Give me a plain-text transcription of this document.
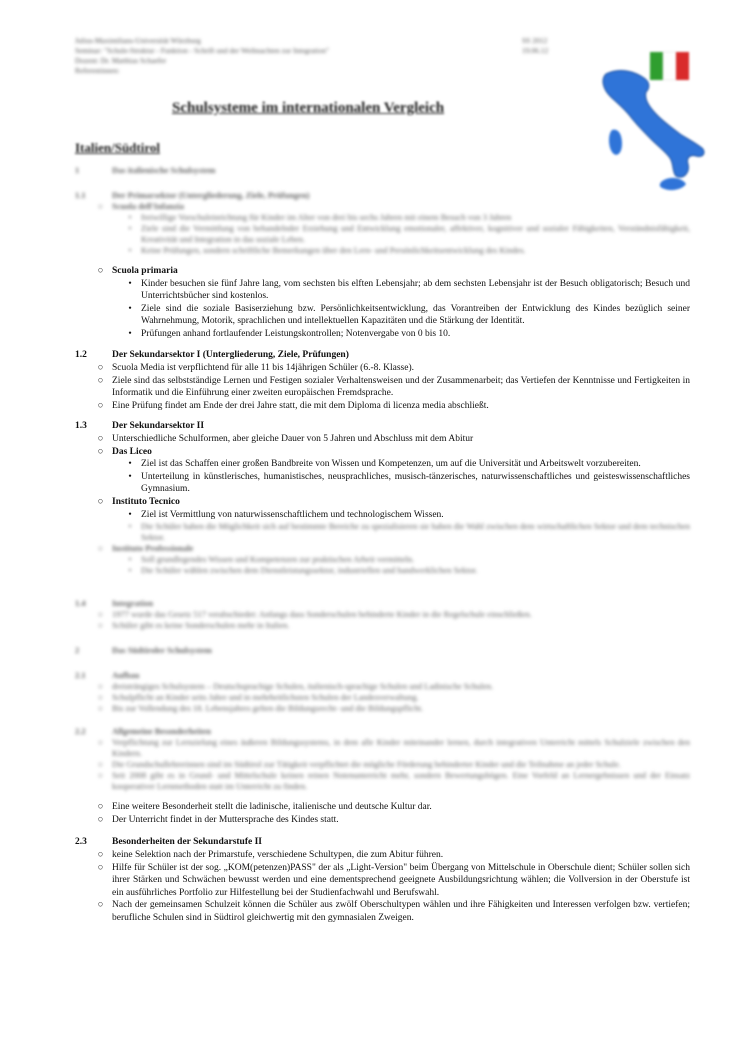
Julius-Maximilians-Universität Würzburg
Seminar: "Schule-Struktur - Funktion - Schrift und der Weihnachten zur Integration"
Dozent: Dr. Matthias Schaefer
Referentinnen:
SS 2012
19.06.12
Schulsysteme im internationalen Vergleich
Italien/Südtirol
1	Das italienische Schulsystem
1.1	Der Primarsektor (Untergliederung, Ziele, Prüfungen)
○	Scuola dell'Infanzia
•	freiwillige Vorschuleinrichtung für Kinder im Alter von drei bis sechs Jahren mit einem Besuch von 3 Jahren
•	Ziele sind die Vermittlung von behandelnder Erziehung und Entwicklung emotionaler, affektiver, kognitiver und sozialer Fähigkeiten, Verständnisfähigkeit, Kreativität und Integration in das soziale Leben.
•	Keine Prüfungen, sondern schriftliche Bemerkungen über den Lern- und Persönlichkeitsentwicklung des Kindes.
○ Scuola primaria
• Kinder besuchen sie fünf Jahre lang, vom sechsten bis elften Lebensjahr; ab dem sechsten Lebensjahr ist der Besuch obligatorisch; Besuch und Unterrichtsbücher sind kostenlos.
• Ziele sind die soziale Basiserziehung bzw. Persönlichkeitsentwicklung, das Vorantreiben der Entwicklung des Kindes bezüglich seiner Wahrnehmung, Motorik, sprachlichen und intellektuellen Kapazitäten und die Stärkung der Identität.
• Prüfungen anhand fortlaufender Leistungskontrollen; Notenvergabe von 0 bis 10.
1.2	Der Sekundarsektor I (Untergliederung, Ziele, Prüfungen)
○ Scuola Media ist verpflichtend für alle 11 bis 14jährigen Schüler (6.-8. Klasse).
○ Ziele sind das selbstständige Lernen und Festigen sozialer Verhaltensweisen und der Zusammenarbeit; das Vertiefen der Kenntnisse und Fertigkeiten in Informatik und die Einführung einer zweiten europäischen Fremdsprache.
○ Eine Prüfung findet am Ende der drei Jahre statt, die mit dem Diploma di licenza media abschließt.
1.3	Der Sekundarsektor II
○ Unterschiedliche Schulformen, aber gleiche Dauer von 5 Jahren und Abschluss mit dem Abitur
○ Das Liceo
• Ziel ist das Schaffen einer großen Bandbreite von Wissen und Kompetenzen, um auf die Universität und Arbeitswelt vorzubereiten.
• Unterteilung in künstlerisches, humanistisches, neusprachliches, musisch-tänzerisches, naturwissenschaftliches und geisteswissenschaftliches Gymnasium.
○ Instituto Tecnico
• Ziel ist Vermittlung von naturwissenschaftlichem und technologischem Wissen.
•	Die Schüler haben die Möglichkeit sich auf bestimmte Bereiche zu spezialisieren sie haben die Wahl zwischen dem wirtschaftlichen Sektor und dem technischen Sektor.
○	Instituto Professionale
•	Soll grundlegendes Wissen und Kompetenzen zur praktischen Arbeit vermitteln.
•	Die Schüler wählen zwischen dem Dienstleistungssektor, industriellen und handwerklichen Sektor.
1.4	Integration
○	1977 wurde das Gesetz 517 verabschiedet: Anfangs dass Sonderschulen behinderte Kinder in die Regelschule einschließen.
○	Schüler gibt es keine Sonderschulen mehr in Italien.
2	Das Südtiroler Schulsystem
2.1	Aufbau
○	dreisträngiges Schulsystem – Deutschsprachige Schulen, italienisch-sprachige Schulen und Ladinische Schulen.
○	Schulpflicht an Kinder seits Jahre und in mehrheitlichsten Schulen der Landesverwaltung.
○	Bis zur Vollendung des 18. Lebensjahres gelten die Bildungsrecht- und die Bildungspflicht.
2.2	Allgemeine Besonderheiten
○	Verpflichtung zur Lernzielung eines äußeren Bildungssystems, in dem alle Kinder miteinander lernen, durch integrativen Unterricht mittels Schulziele zwischen den Kindern.
○	Die Grundschullehrerinnen sind im Südtirol zur Tätigkeit verpflichtet die mögliche Förderung behinderter Kinder und die Teilnahme an jeder Schule.
○	Seit 2008 gibt es in Grund- und Mittelschule keinen reinen Notenunterricht mehr, sondern Bewertungsbögen. Eine Vorfeld an Lernergebnissen und der Einsatz kooperativer Lernmethoden statt im Unterricht zu finden.
○ Eine weitere Besonderheit stellt die ladinische, italienische und deutsche Kultur dar.
○ Der Unterricht findet in der Muttersprache des Kindes statt.
2.3	Besonderheiten der Sekundarstufe II
○ keine Selektion nach der Primarstufe, verschiedene Schultypen, die zum Abitur führen.
○ Hilfe für Schüler ist der sog. „KOM(petenzen)PASS" der als „Light-Version" beim Übergang von Mittelschule in Oberschule dient; Schüler sollen sich ihrer Stärken und Schwächen bewusst werden und eine dementsprechend geeignete Ausbildungsrichtung wählen; die Vollversion in der Oberstufe ist ein ausführliches Portfolio zur Hilfestellung bei der Studienfachwahl und Berufswahl.
○ Nach der gemeinsamen Schulzeit können die Schüler aus zwölf Oberschultypen wählen und ihre Fähigkeiten und Interessen verfolgen bzw. vertiefen; berufliche Schulen sind in Südtirol gleichwertig mit den gymnasialen Zweigen.
